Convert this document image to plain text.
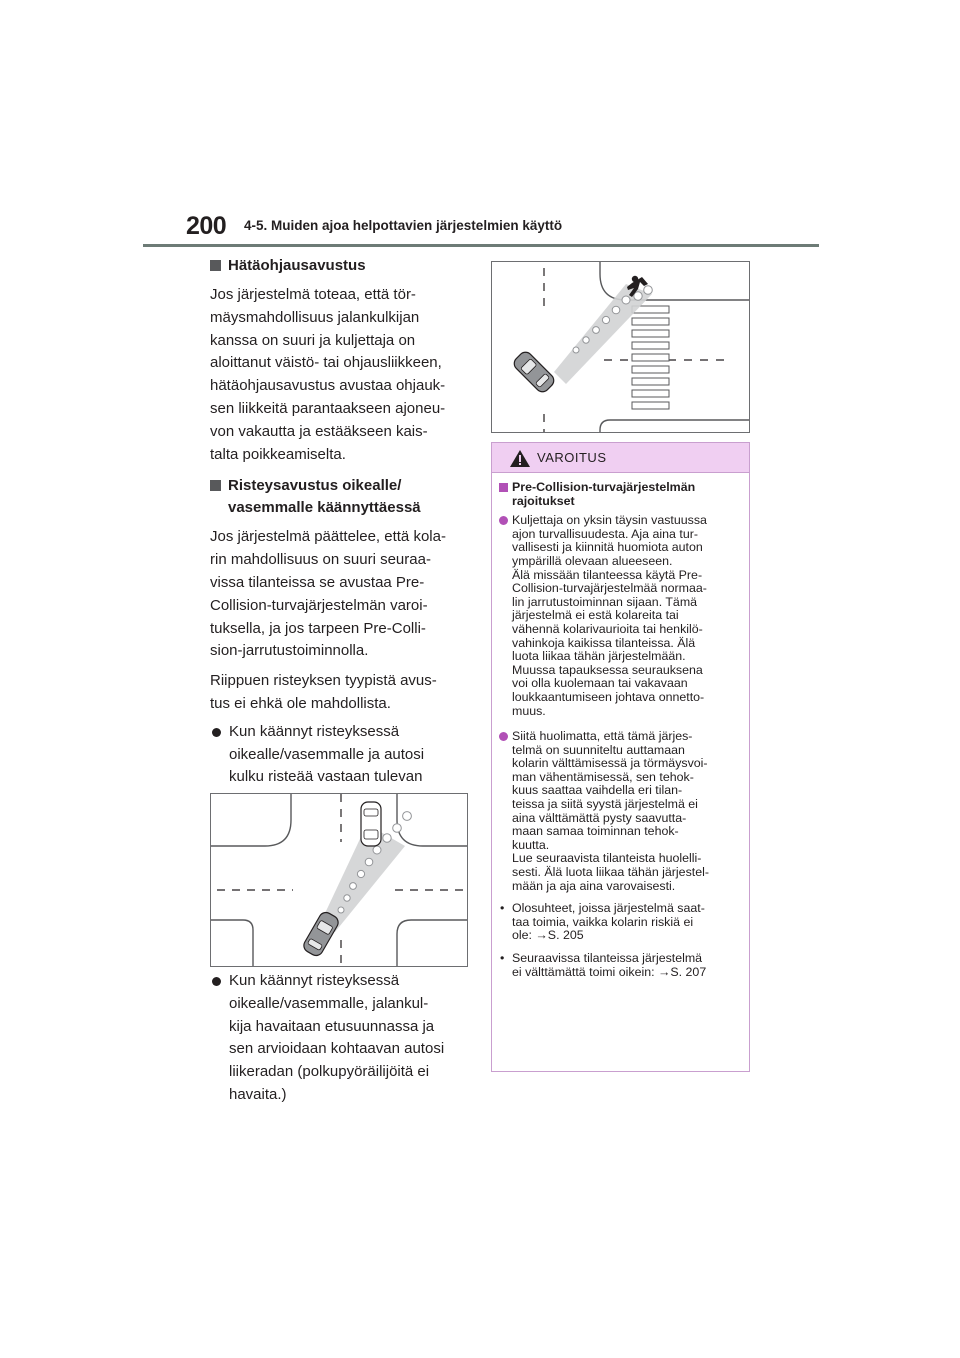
200 4-5. Muiden ajoa helpottavien järjestelmien käyttö
Hätäohjausavustus
Jos järjestelmä toteaa, että tör-
mäysmahdollisuus jalankulkijan
kanssa on suuri ja kuljettaja on
aloittanut väistö- tai ohjausliikkeen,
hätäohjausavustus avustaa ohjauk-
sen liikkeitä parantaakseen ajoneu-
von vakautta ja estääkseen kais-
talta poikkeamiselta.
Risteysavustus oikealle/
vasemmalle käännyttäessä
Jos järjestelmä päättelee, että kola-
rin mahdollisuus on suuri seuraa-
vissa tilanteissa se avustaa Pre-
Collision-turvajärjestelmän varoi-
tuksella, ja jos tarpeen Pre-Colli-
sion-jarrutustoiminnolla.
Riippuen risteyksen tyypistä avus-
tus ei ehkä ole mahdollista.
Kun käännyt risteyksessä
oikealle/vasemmalle ja autosi
kulku risteää vastaan tulevan

Kun käännyt risteyksessä
oikealle/vasemmalle, jalankul-
kija havaitaan etusuunnassa ja
sen arvioidaan kohtaavan autosi
liikeradan (polkupyöräilijöitä ei
havaita.)
VAROITUS
Pre-Collision-turvajärjestelmän
rajoitukset
Kuljettaja on yksin täysin vastuussa
ajon turvallisuudesta. Aja aina tur-
vallisesti ja kiinnitä huomiota auton
ympärillä olevaan alueeseen.
Älä missään tilanteessa käytä Pre-
Collision-turvajärjestelmää normaa-
lin jarrutustoiminnan sijaan. Tämä
järjestelmä ei estä kolareita tai
vähennä kolarivaurioita tai henkilö-
vahinkoja kaikissa tilanteissa. Älä
luota liikaa tähän järjestelmään.
Muussa tapauksessa seurauksena
voi olla kuolemaan tai vakavaan
loukkaantumiseen johtava onnetto-
muus.
Siitä huolimatta, että tämä järjes-
telmä on suunniteltu auttamaan
kolarin välttämisessä ja törmäysvoi-
man vähentämisessä, sen tehok-
kuus saattaa vaihdella eri tilan-
teissa ja siitä syystä järjestelmä ei
aina välttämättä pysty saavutta-
maan samaa toiminnan tehok-
kuutta.
Lue seuraavista tilanteista huolelli-
sesti. Älä luota liikaa tähän järjestel-
mään ja aja aina varovaisesti.
• Olosuhteet, joissa järjestelmä saat-
taa toimia, vaikka kolarin riskiä ei
ole: →S. 205
• Seuraavissa tilanteissa järjestelmä
ei välttämättä toimi oikein: →S. 207
